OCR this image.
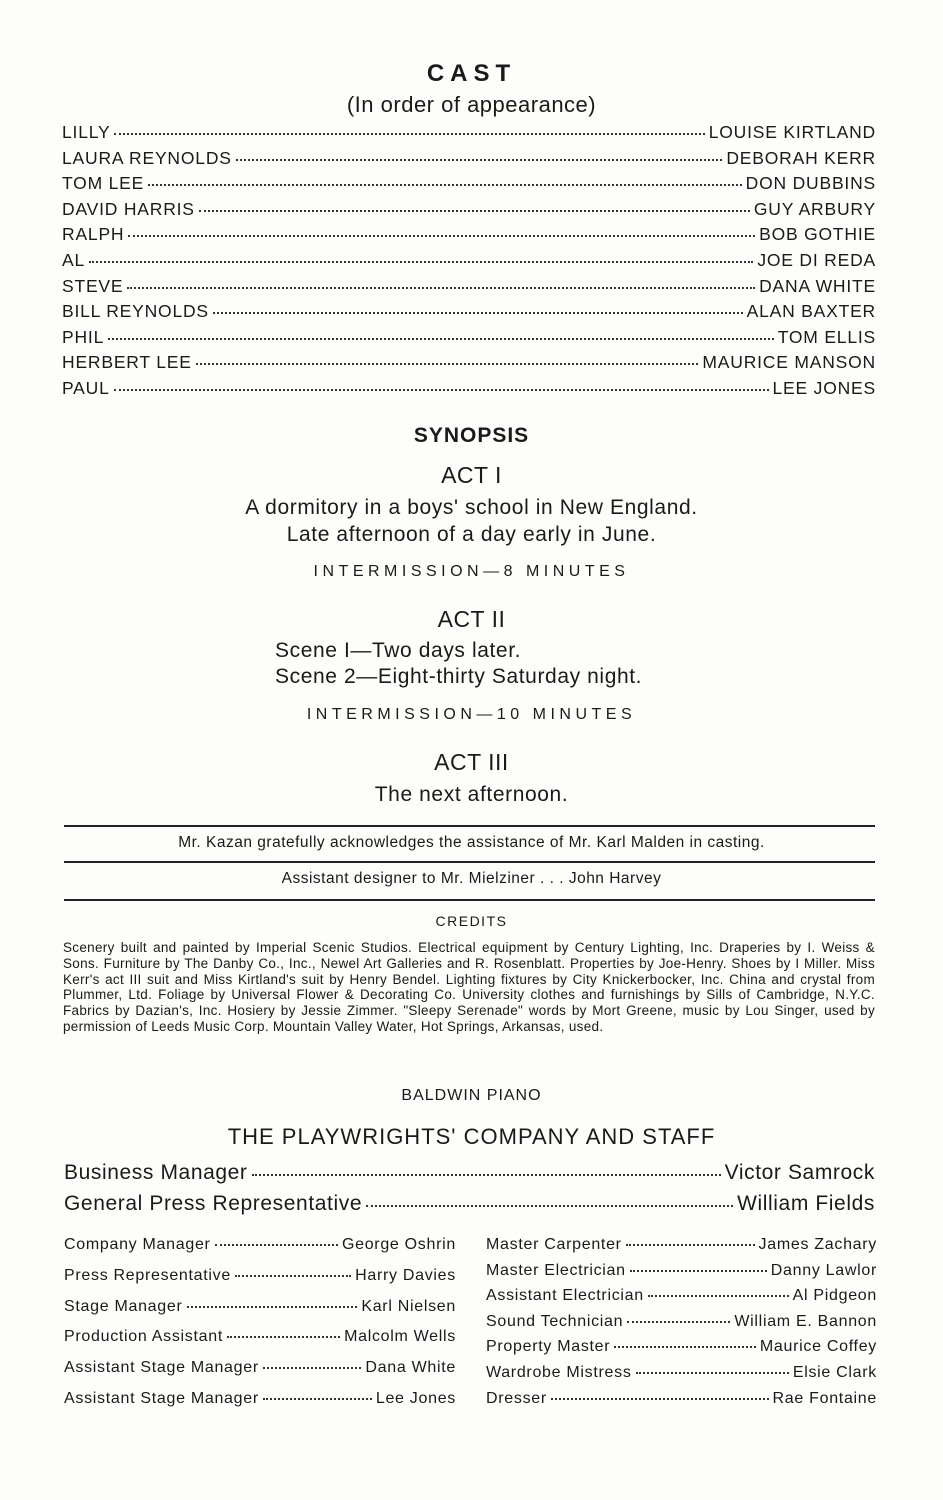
CAST
(In order of appearance)
LILLY	LOUISE KIRTLAND
LAURA REYNOLDS	DEBORAH KERR
TOM LEE	DON DUBBINS
DAVID HARRIS	GUY ARBURY
RALPH	BOB GOTHIE
AL	JOE DI REDA
STEVE	DANA WHITE
BILL REYNOLDS	ALAN BAXTER
PHIL	TOM ELLIS
HERBERT LEE	MAURICE MANSON
PAUL	LEE JONES
SYNOPSIS
ACT I
A dormitory in a boys' school in New England.
Late afternoon of a day early in June.
INTERMISSION—8 MINUTES
ACT II
Scene I—Two days later.
Scene 2—Eight-thirty Saturday night.
INTERMISSION—10 MINUTES
ACT III
The next afternoon.
Mr. Kazan gratefully acknowledges the assistance of Mr. Karl Malden in casting.
Assistant designer to Mr. Mielziner . . . John Harvey
CREDITS

Scenery built and painted by Imperial Scenic Studios. Electrical equipment by Century Lighting, Inc. Draperies by I. Weiss & Sons. Furniture by The Danby Co., Inc., Newel Art Galleries and R. Rosenblatt. Properties by Joe-Henry. Shoes by I Miller. Miss Kerr's act III suit and Miss Kirtland's suit by Henry Bendel. Lighting fixtures by City Knickerbocker, Inc. China and crystal from Plummer, Ltd. Foliage by Universal Flower & Decorating Co. University clothes and furnishings by Sills of Cambridge, N.Y.C. Fabrics by Dazian's, Inc. Hosiery by Jessie Zimmer. "Sleepy Serenade" words by Mort Greene, music by Lou Singer, used by permission of Leeds Music Corp. Mountain Valley Water, Hot Springs, Arkansas, used.

BALDWIN PIANO
THE PLAYWRIGHTS' COMPANY AND STAFF
Business Manager	Victor Samrock
General Press Representative	William Fields
Company Manager	George Oshrin
Press Representative	Harry Davies
Stage Manager	Karl Nielsen
Production Assistant	Malcolm Wells
Assistant Stage Manager	Dana White
Assistant Stage Manager	Lee Jones
Master Carpenter	James Zachary
Master Electrician	Danny Lawlor
Assistant Electrician	Al Pidgeon
Sound Technician	William E. Bannon
Property Master	Maurice Coffey
Wardrobe Mistress	Elsie Clark
Dresser	Rae Fontaine
